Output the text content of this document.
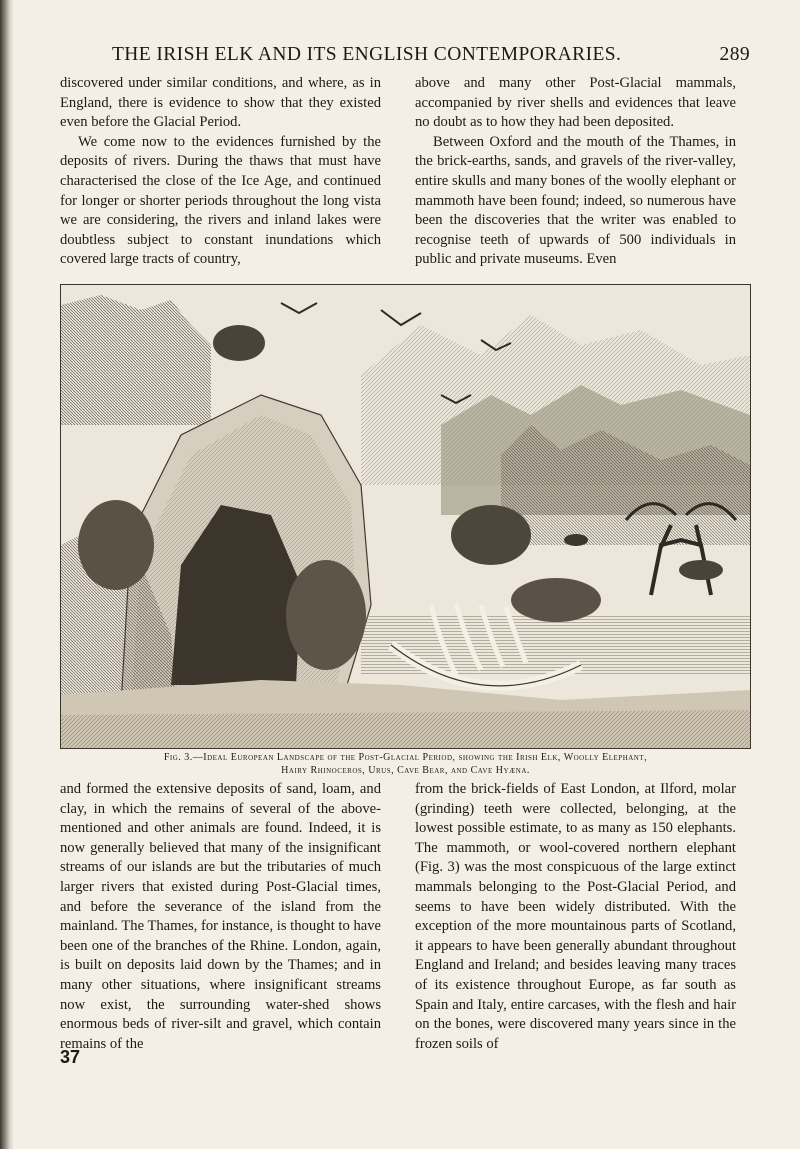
THE IRISH ELK AND ITS ENGLISH CONTEMPORARIES.	289

discovered under similar conditions, and where, as in England, there is evidence to show that they existed even before the Glacial Period.

We come now to the evidences furnished by the deposits of rivers. During the thaws that must have characterised the close of the Ice Age, and continued for longer or shorter periods throughout the long vista we are considering, the rivers and inland lakes were doubtless subject to constant inundations which covered large tracts of country,

above and many other Post-Glacial mammals, accompanied by river shells and evidences that leave no doubt as to how they had been deposited.

Between Oxford and the mouth of the Thames, in the brick-earths, sands, and gravels of the river-valley, entire skulls and many bones of the woolly elephant or mammoth have been found; indeed, so numerous have been the discoveries that the writer was enabled to recognise teeth of upwards of 500 individuals in public and private museums. Even

Fig. 3.—Ideal European Landscape of the Post-Glacial Period, showing the Irish Elk, Woolly Elephant,
Hairy Rhinoceros, Urus, Cave Bear, and Cave Hyæna.

and formed the extensive deposits of sand, loam, and clay, in which the remains of several of the above-mentioned and other animals are found. Indeed, it is now generally believed that many of the insignificant streams of our islands are but the tributaries of much larger rivers that existed during Post-Glacial times, and before the severance of the island from the mainland. The Thames, for instance, is thought to have been one of the branches of the Rhine. London, again, is built on deposits laid down by the Thames; and in many other situations, where insignificant streams now exist, the surrounding water-shed shows enormous beds of river-silt and gravel, which contain remains of the

from the brick-fields of East London, at Ilford, molar (grinding) teeth were collected, belonging, at the lowest possible estimate, to as many as 150 elephants. The mammoth, or wool-covered northern elephant (Fig. 3) was the most conspicuous of the large extinct mammals belonging to the Post-Glacial Period, and seems to have been widely distributed. With the exception of the more mountainous parts of Scotland, it appears to have been generally abundant throughout England and Ireland; and besides leaving many traces of its existence throughout Europe, as far south as Spain and Italy, entire carcases, with the flesh and hair on the bones, were discovered many years since in the frozen soils of

37
